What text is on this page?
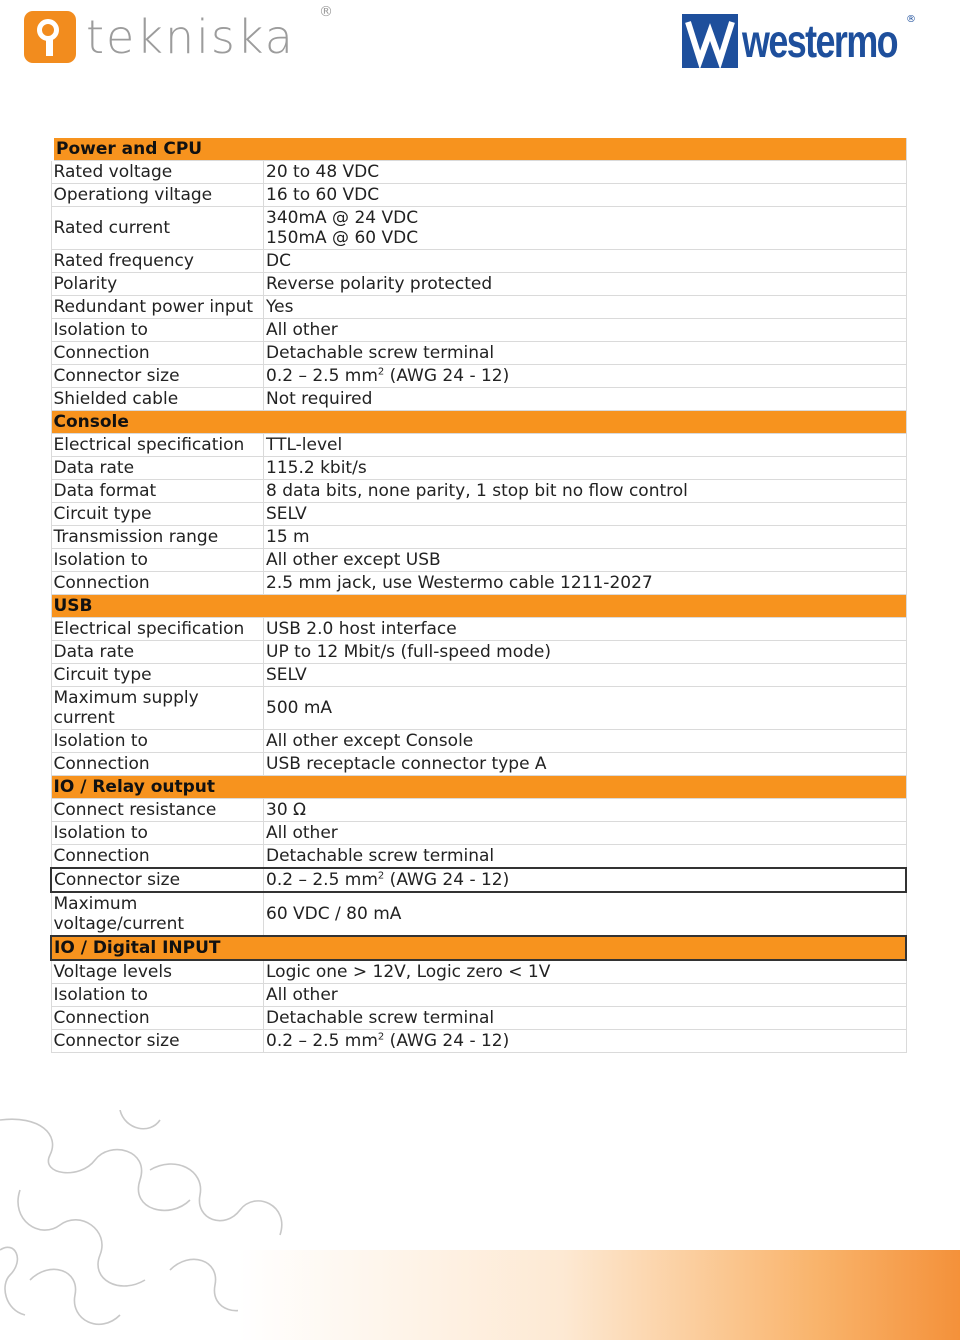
tekniska ®
westermo ®
Power and CPU	
Rated voltage	20 to 48 VDC
Operationg viltage	16 to 60 VDC
Rated current	340mA @ 24 VDC
150mA @ 60 VDC

Rated frequency	DC
Polarity	Reverse polarity protected
Redundant power input	Yes
Isolation to	All other
Connection	Detachable screw terminal
Connector size	0.2 – 2.5 $mm^2$ (AWG 24 - 12)
Shielded cable	Not required
Console	
Electrical specification	TTL-level
Data rate	115.2 kbit/s
Data format	8 data bits, none parity, 1 stop bit no flow control
Circuit type	SELV
Transmission range	15 m
Isolation to	All other except USB
Connection	2.5 mm jack, use Westermo cable 1211-2027
USB	
Electrical specification	USB 2.0 host interface
Data rate	UP to 12 Mbit/s (full-speed mode)
Circuit type	SELV
Maximum supply current	500 mA
Isolation to	All other except Console
Connection	USB receptacle connector type A
IO / Relay output	
Connect resistance	30 Ω
Isolation to	All other
Connection	Detachable screw terminal
Connector size	0.2 – 2.5 $mm^2$ (AWG 24 - 12)
Maximum voltage/current	60 VDC / 80 mA
IO / Digital INPUT	
Voltage levels	Logic one > 12V, Logic zero < 1V
Isolation to	All other
Connection	Detachable screw terminal
Connector size	0.2 – 2.5 $mm^2$ (AWG 24 - 12)
